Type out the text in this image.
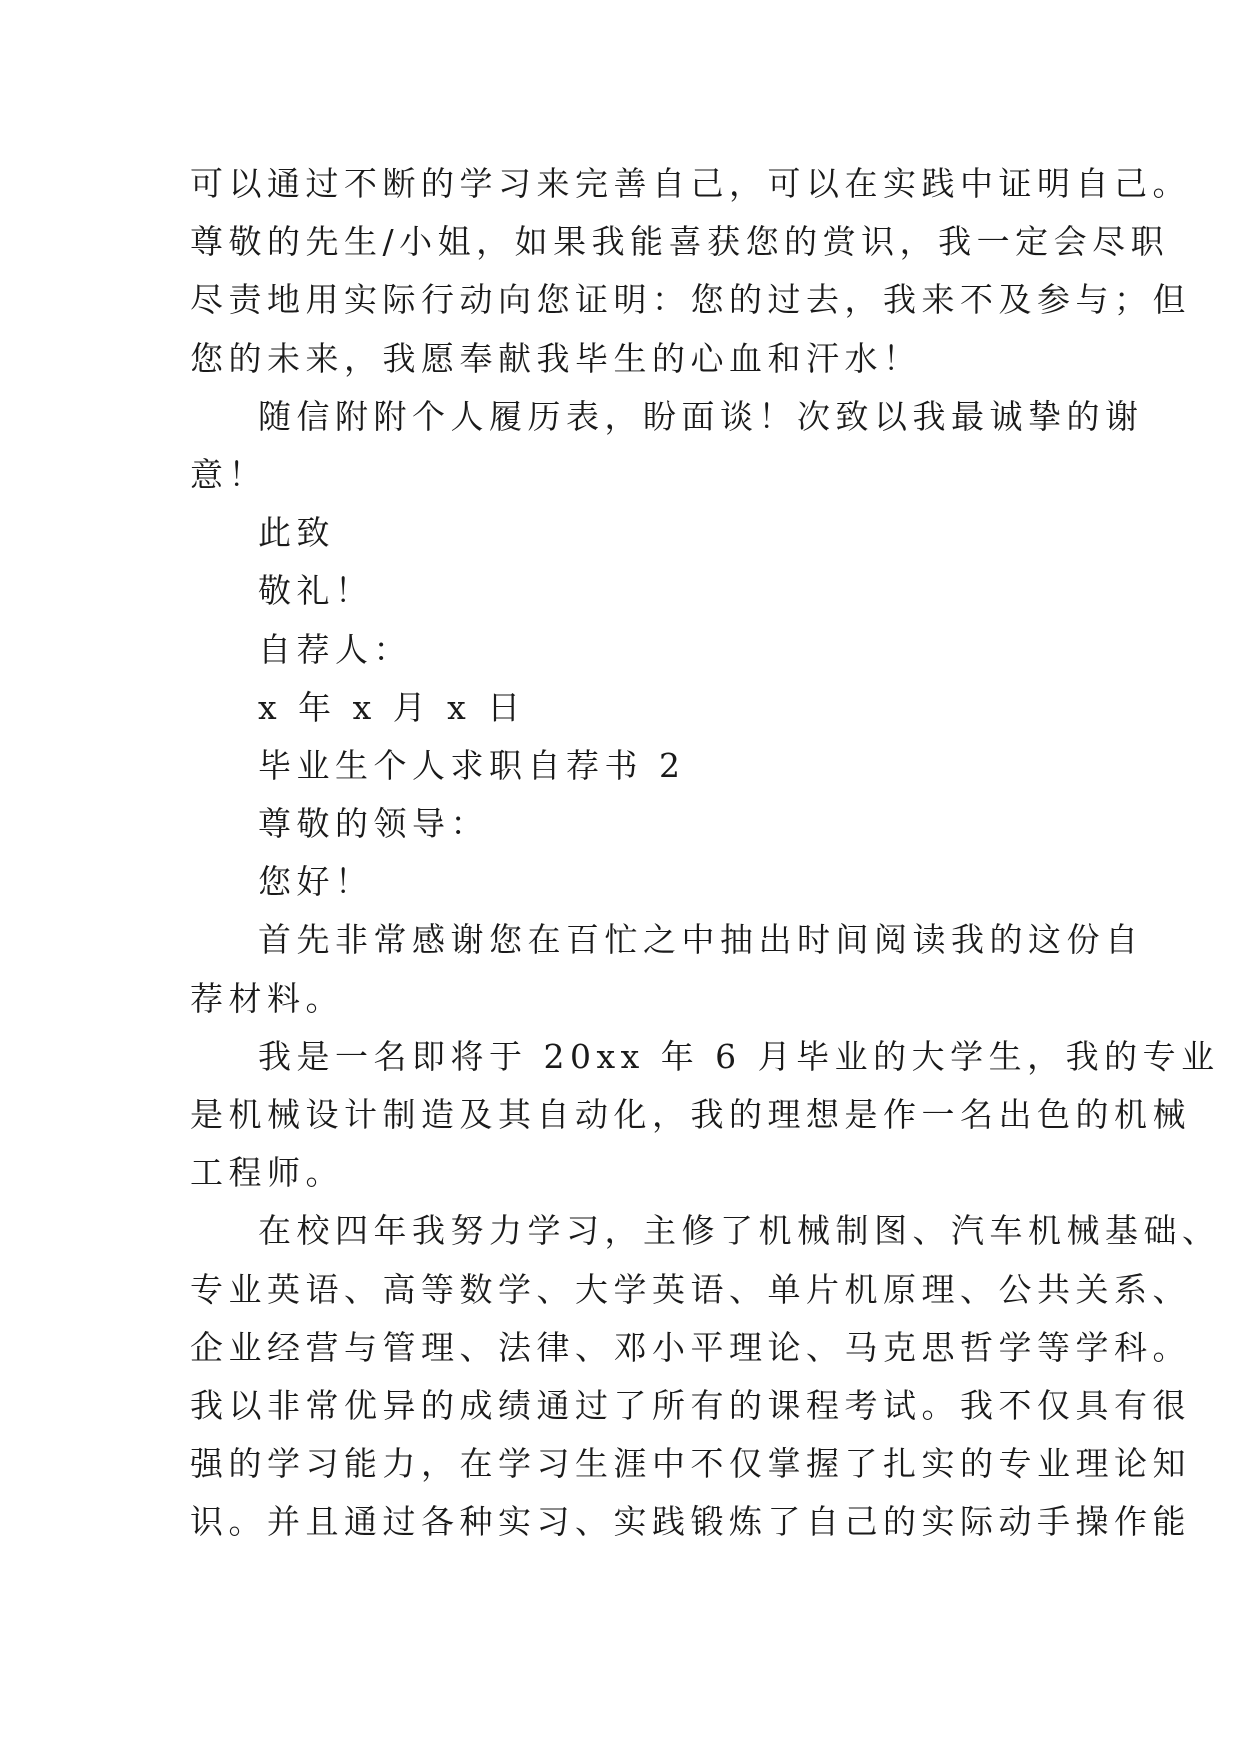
可以通过不断的学习来完善自己，可以在实践中证明自己。
尊敬的先生/小姐，如果我能喜获您的赏识，我一定会尽职
尽责地用实际行动向您证明：您的过去，我来不及参与；但
您的未来，我愿奉献我毕生的心血和汗水！
随信附附个人履历表，盼面谈！次致以我最诚挚的谢
意！
此致
敬礼！
自荐人：
x 年 x 月 x 日
毕业生个人求职自荐书 2
尊敬的领导：
您好！
首先非常感谢您在百忙之中抽出时间阅读我的这份自
荐材料。
我是一名即将于 20xx 年 6 月毕业的大学生，我的专业
是机械设计制造及其自动化，我的理想是作一名出色的机械
工程师。
在校四年我努力学习，主修了机械制图、汽车机械基础、
专业英语、高等数学、大学英语、单片机原理、公共关系、
企业经营与管理、法律、邓小平理论、马克思哲学等学科。
我以非常优异的成绩通过了所有的课程考试。我不仅具有很
强的学习能力，在学习生涯中不仅掌握了扎实的专业理论知
识。并且通过各种实习、实践锻炼了自己的实际动手操作能
